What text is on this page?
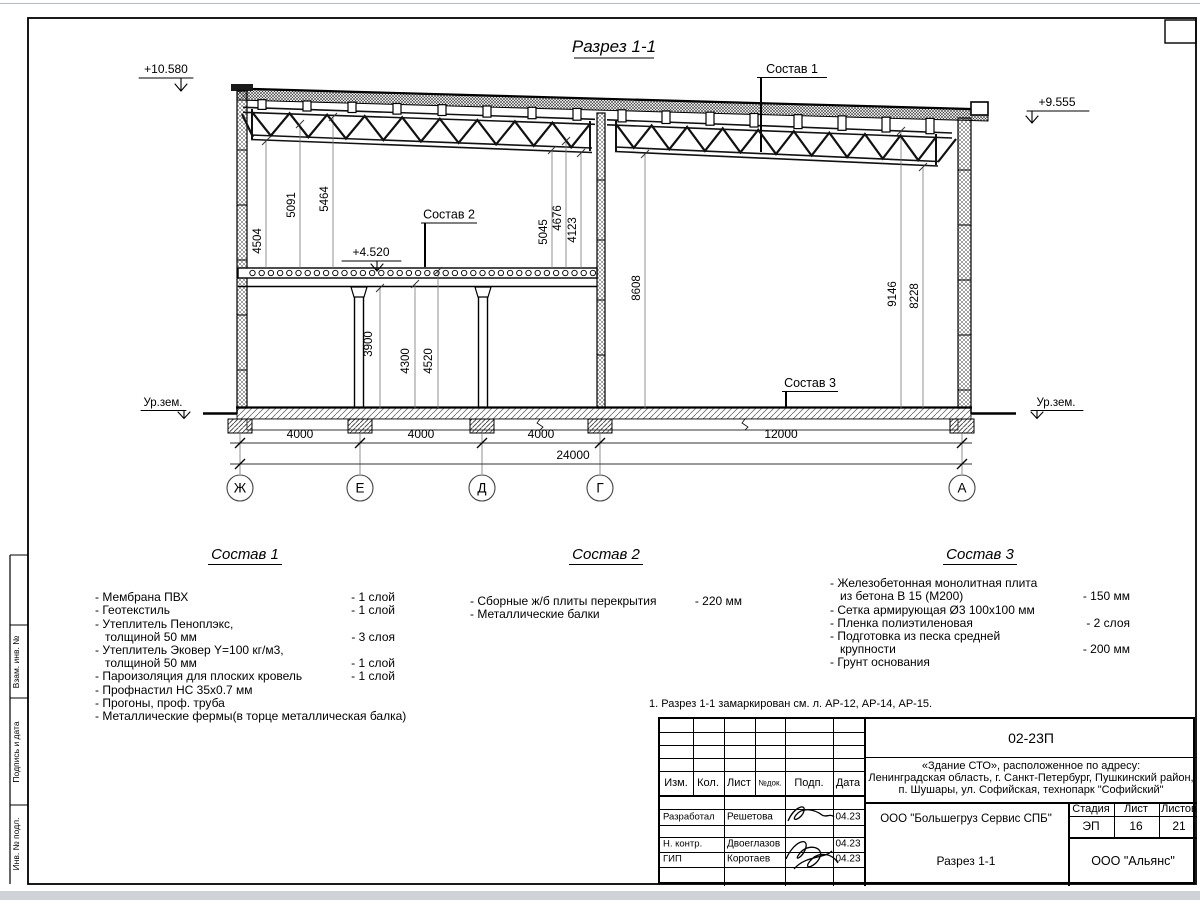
Взам. инв. №
Подпись и дата
Инв. № подл.
Разрез 1-1
4504
5091 5464
5045
4676 4123
8608	9146 8228
3900
4300 4520
4000	4000	4000	12000
24000
Ж	Е	Д	Г	А
Состав 1
Состав 2
Состав 3
+10.580
+9.555
+4.520
Ур.зем.	Ур.зем.
Состав 1
- Мембрана ПВХ	- 1 слой
- Геотекстиль	- 1 слой
- Утеплитель Пеноплэкс,
толщиной 50 мм	- 3 слоя
- Утеплитель Эковер Y=100 кг/м3,
толщиной 50 мм	- 1 слой
- Пароизоляция для плоских кровель	- 1 слой
- Профнастил НС 35х0.7 мм
- Прогоны, проф. труба
- Металлические фермы(в торце металлическая балка)
Состав 2
- Сборные ж/б плиты перекрытия	- 220 мм
- Металлические балки
Состав 3
- Железобетонная монолитная плита
из бетона В 15 (М200)	- 150 мм
- Сетка армирующая Ø3 100х100 мм
- Пленка полиэтиленовая	- 2 слоя
- Подготовка из песка средней
крупности	- 200 мм
- Грунт основания
1. Разрез 1-1 замаркирован см. л. АР-12, АР-14, АР-15.
Изм. Кол. Лист №док. Подп. Дата
Разработал Решетова	04.23
Н. контр. Двоеглазов	04.23
ГИП	Коротаев	04.23
02-23П
«Здание СТО», расположенное по адресу:
Ленинградская область, г. Санкт-Петербург, Пушкинский район,
п. Шушары, ул. Софийская, технопарк "Софийский"
ООО "Большегруз Сервис СПБ"
Стадия Лист Листов
ЭП 16 21
Разрез 1-1	ООО "Альянс"
